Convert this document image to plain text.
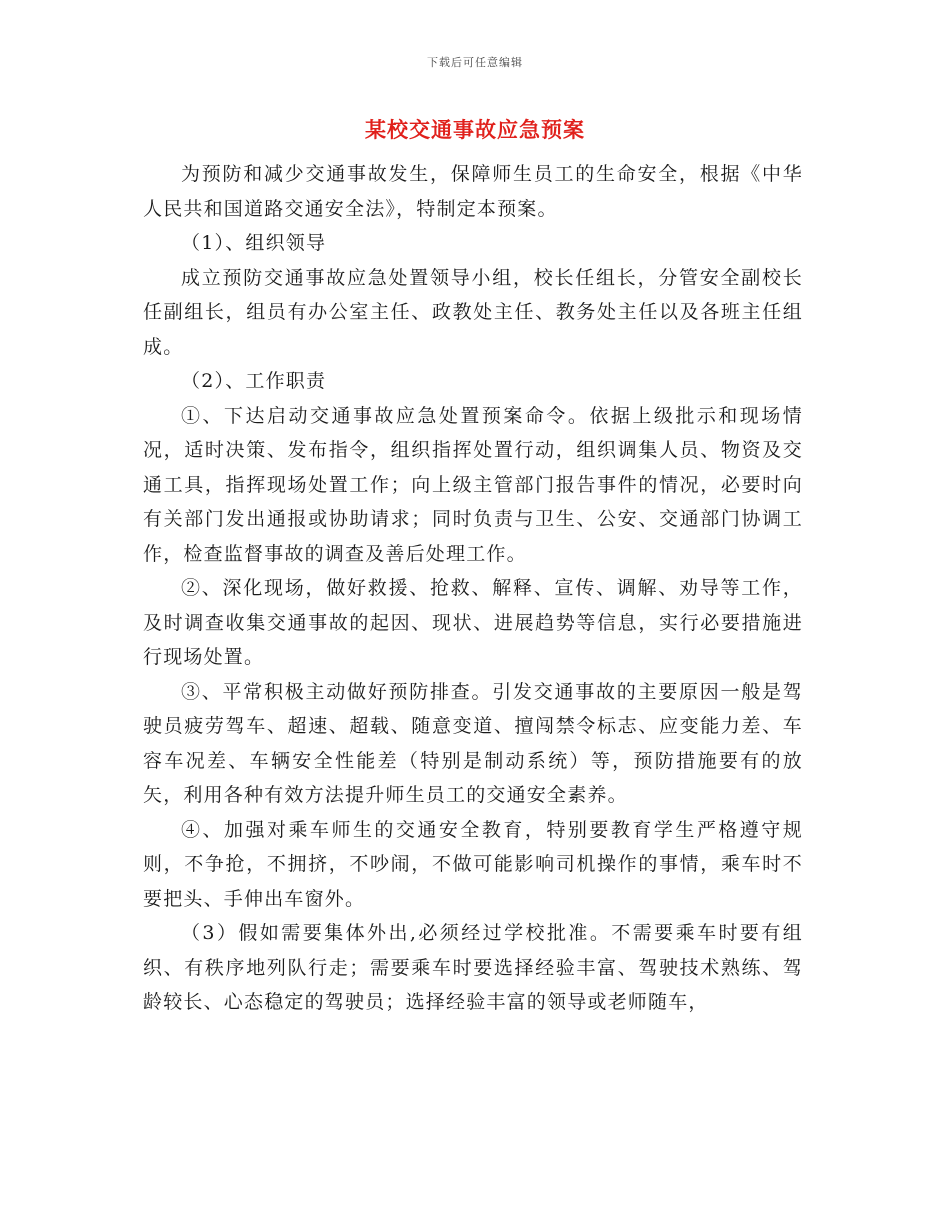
下载后可任意编辑
某校交通事故应急预案

为预防和减少交通事故发生，保障师生员工的生命安全，根据《中华人民共和国道路交通安全法》，特制定本预案。

（1）、组织领导

成立预防交通事故应急处置领导小组，校长任组长，分管安全副校长任副组长，组员有办公室主任、政教处主任、教务处主任以及各班主任组成。

（2）、工作职责

①、下达启动交通事故应急处置预案命令。依据上级批示和现场情况，适时决策、发布指令，组织指挥处置行动，组织调集人员、物资及交通工具，指挥现场处置工作；向上级主管部门报告事件的情况，必要时向有关部门发出通报或协助请求；同时负责与卫生、公安、交通部门协调工作，检查监督事故的调查及善后处理工作。

②、深化现场，做好救援、抢救、解释、宣传、调解、劝导等工作，及时调查收集交通事故的起因、现状、进展趋势等信息，实行必要措施进行现场处置。

③、平常积极主动做好预防排查。引发交通事故的主要原因一般是驾驶员疲劳驾车、超速、超载、随意变道、擅闯禁令标志、应变能力差、车容车况差、车辆安全性能差（特别是制动系统）等，预防措施要有的放矢，利用各种有效方法提升师生员工的交通安全素养。

④、加强对乘车师生的交通安全教育，特别要教育学生严格遵守规则，不争抢，不拥挤，不吵闹，不做可能影响司机操作的事情，乘车时不要把头、手伸出车窗外。

（3）假如需要集体外出,必须经过学校批准。不需要乘车时要有组织、有秩序地列队行走；需要乘车时要选择经验丰富、驾驶技术熟练、驾龄较长、心态稳定的驾驶员；选择经验丰富的领导或老师随车，
